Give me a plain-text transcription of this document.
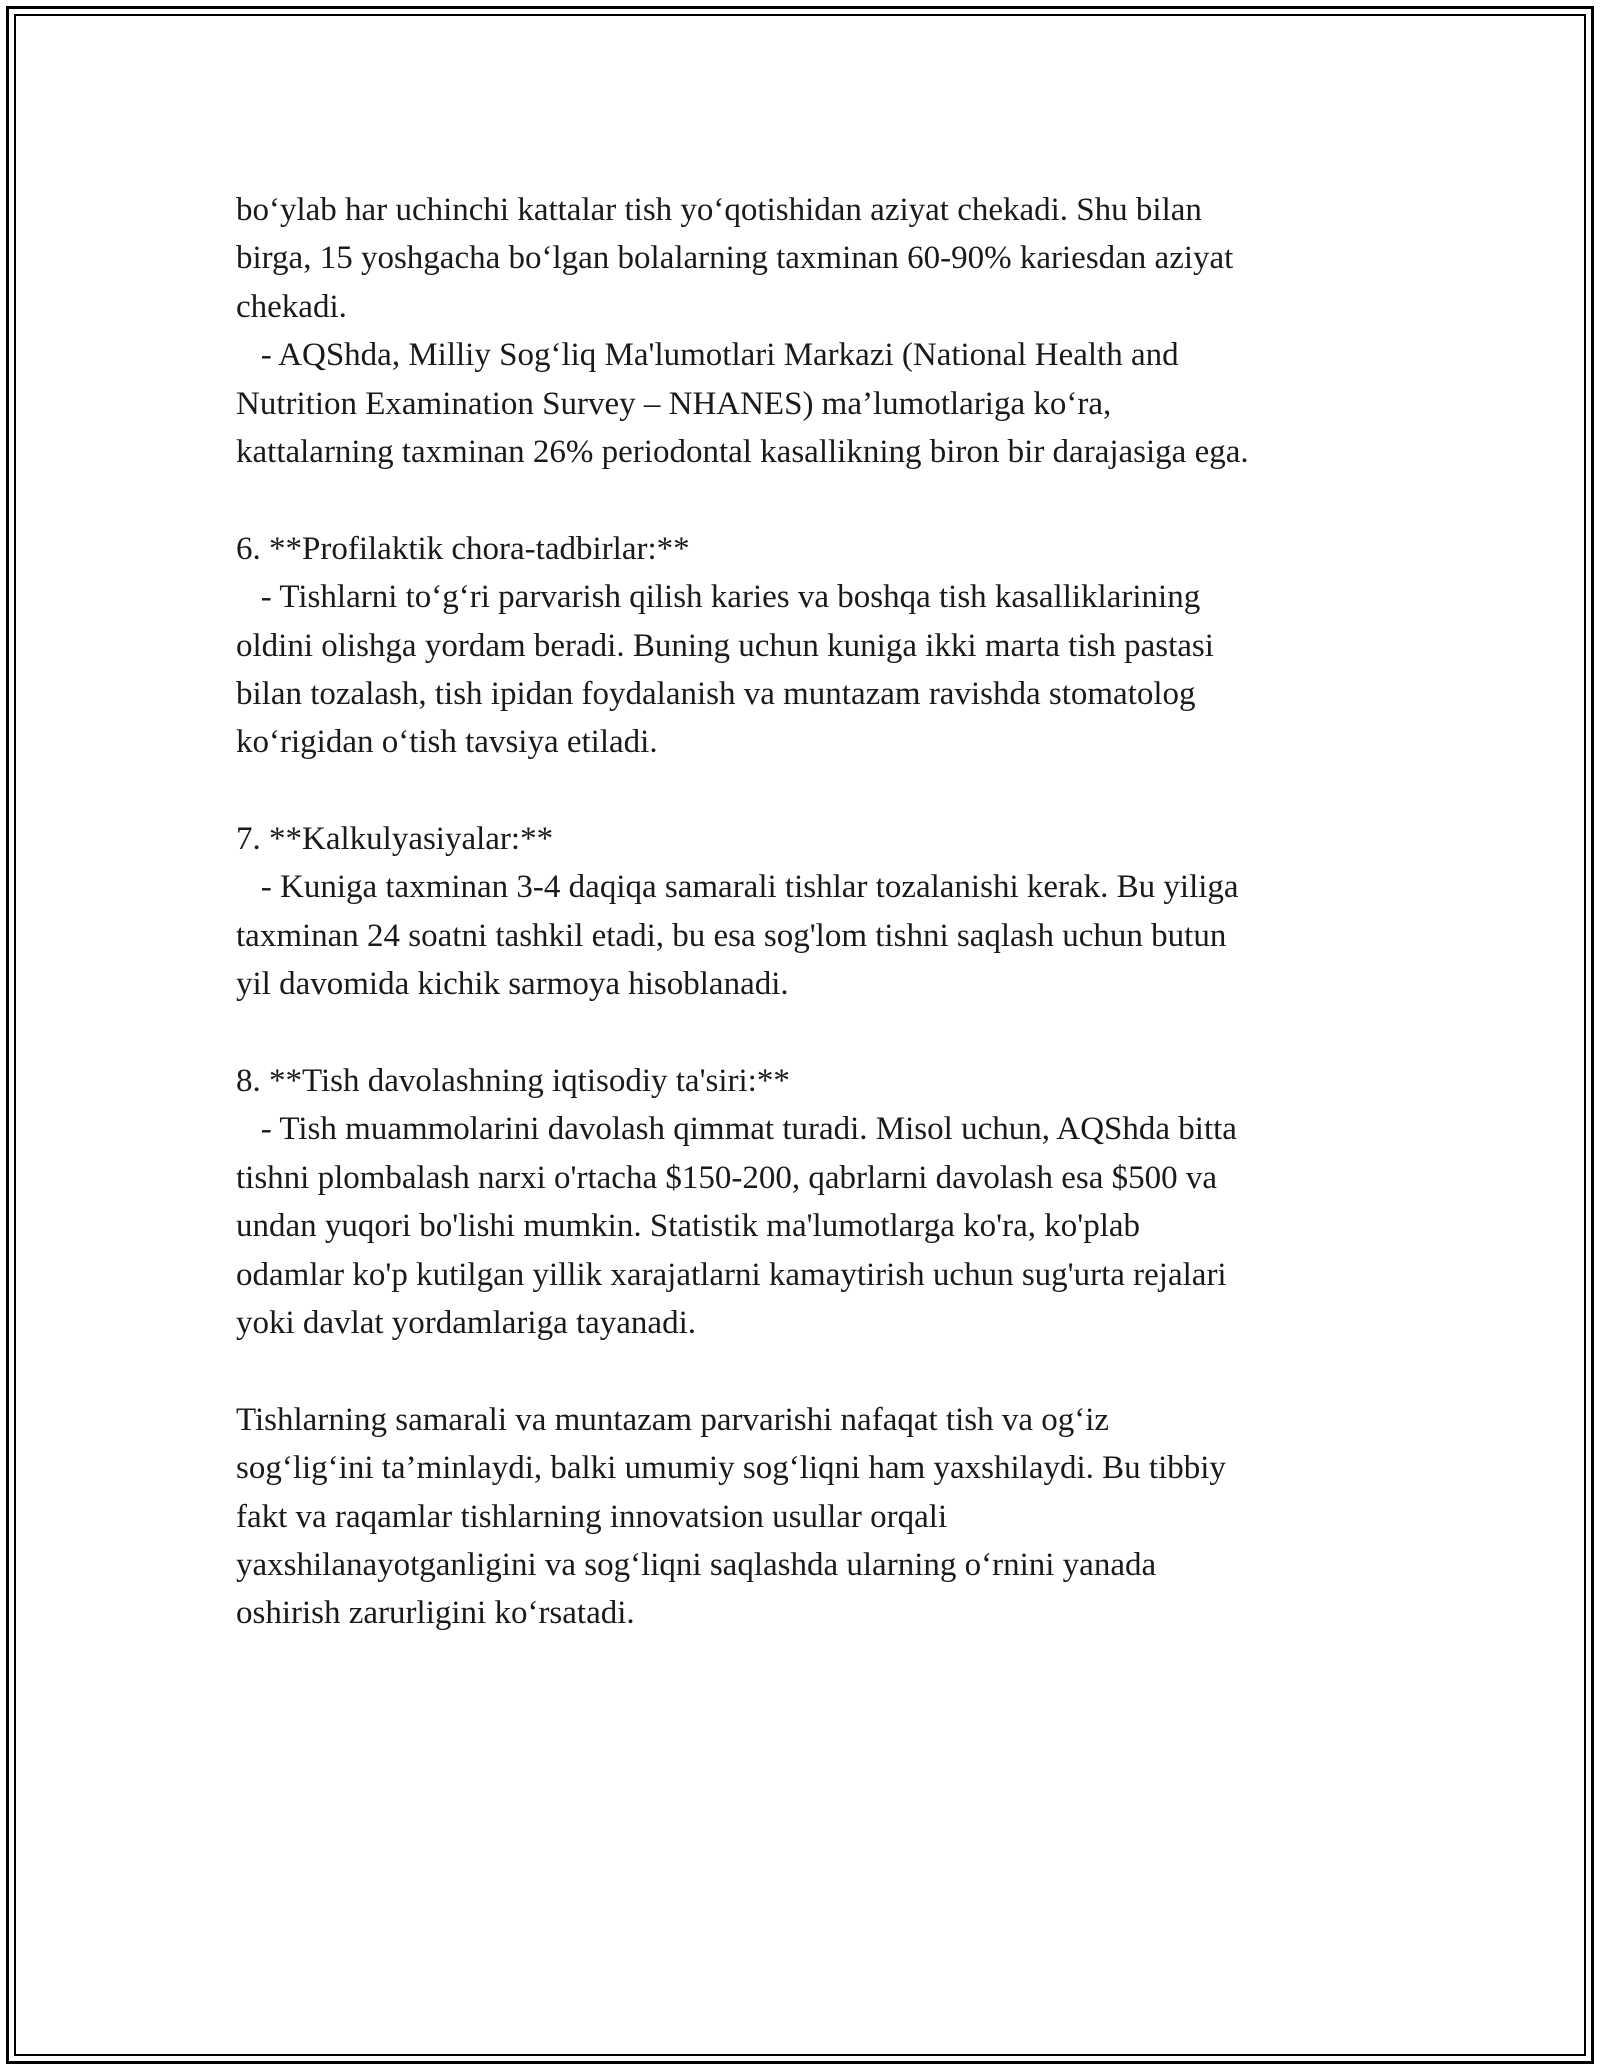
bo‘ylab har uchinchi kattalar tish yo‘qotishidan aziyat chekadi. Shu bilan
birga, 15 yoshgacha bo‘lgan bolalarning taxminan 60-90% kariesdan aziyat
chekadi.
- AQShda, Milliy Sog‘liq Ma'lumotlari Markazi (National Health and
Nutrition Examination Survey – NHANES) ma’lumotlariga ko‘ra,
kattalarning taxminan 26% periodontal kasallikning biron bir darajasiga ega.
6. **Profilaktik chora-tadbirlar:**
- Tishlarni to‘g‘ri parvarish qilish karies va boshqa tish kasalliklarining
oldini olishga yordam beradi. Buning uchun kuniga ikki marta tish pastasi
bilan tozalash, tish ipidan foydalanish va muntazam ravishda stomatolog
ko‘rigidan o‘tish tavsiya etiladi.
7. **Kalkulyasiyalar:**
- Kuniga taxminan 3-4 daqiqa samarali tishlar tozalanishi kerak. Bu yiliga
taxminan 24 soatni tashkil etadi, bu esa sog'lom tishni saqlash uchun butun
yil davomida kichik sarmoya hisoblanadi.
8. **Tish davolashning iqtisodiy ta'siri:**
- Tish muammolarini davolash qimmat turadi. Misol uchun, AQShda bitta
tishni plombalash narxi o'rtacha $150-200, qabrlarni davolash esa $500 va
undan yuqori bo'lishi mumkin. Statistik ma'lumotlarga ko'ra, ko'plab
odamlar ko'p kutilgan yillik xarajatlarni kamaytirish uchun sug'urta rejalari
yoki davlat yordamlariga tayanadi.
Tishlarning samarali va muntazam parvarishi nafaqat tish va og‘iz
sog‘lig‘ini ta’minlaydi, balki umumiy sog‘liqni ham yaxshilaydi. Bu tibbiy
fakt va raqamlar tishlarning innovatsion usullar orqali
yaxshilanayotganligini va sog‘liqni saqlashda ularning o‘rnini yanada
oshirish zarurligini ko‘rsatadi.
